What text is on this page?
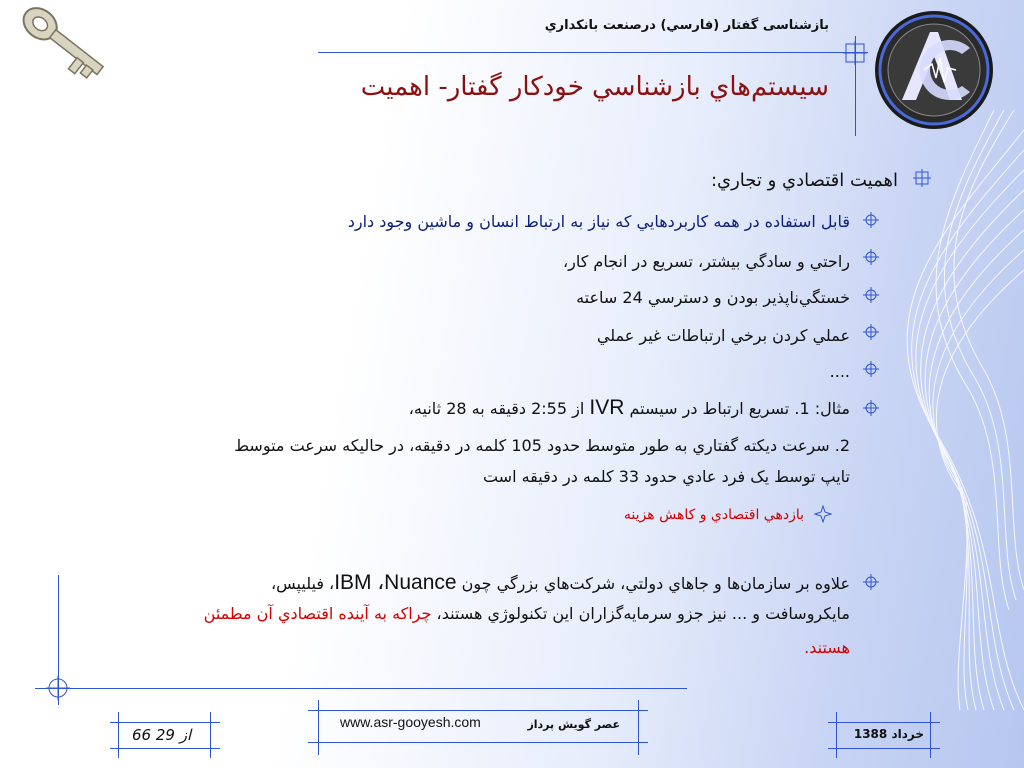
بازشناسی گفتار (فارسي) درصنعت بانکداري
سيستم‌هاي بازشناسي خودکار گفتار- اهميت
اهميت اقتصادي و تجاري:
قابل استفاده در همه کاربردهايي که نياز به ارتباط انسان و ماشين وجود دارد
راحتي و سادگي بيشتر، تسريع در انجام کار،
خستگي‌ناپذير بودن و دسترسي 24 ساعته
عملي کردن برخي ارتباطات غير عملي
....
مثال: 1. تسريع ارتباط در سيستم IVR از 2:55 دقيقه به 28 ثانيه،
2. سرعت ديکته گفتاري به طور متوسط حدود 105 کلمه در دقيقه، در حاليکه سرعت متوسط
تايپ توسط يک فرد عادي حدود 33 کلمه در دقيقه است
بازدهي اقتصادي و کاهش هزينه
علاوه بر سازمان‌ها و جاهاي دولتي، شرکت‌هاي بزرگي چون IBM ،Nuance، فيليپس،
مايکروسافت و ... نيز جزو سرمايه‌گزاران اين تکنولوژي هستند، چراکه به آينده اقتصادي آن مطمئن
هستند.
66 از 29
www.asr-gooyesh.com	عصر گويش پرداز
خرداد 1388
